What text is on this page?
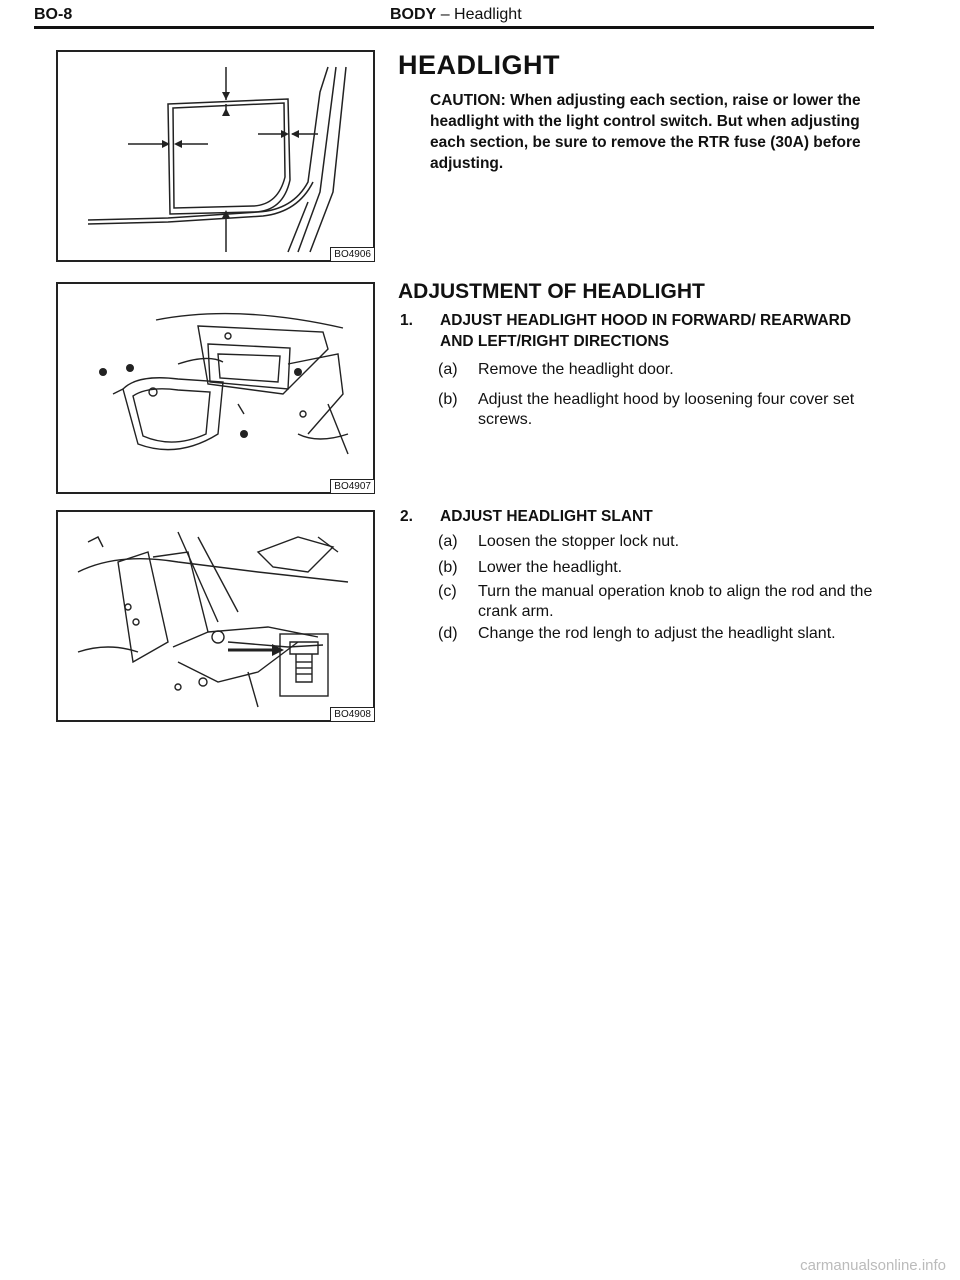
BO-8	BODY – Headlight
BO4906
BO4907
BO4908
HEADLIGHT
CAUTION: When adjusting each section, raise or lower the headlight with the light control switch. But when adjusting each section, be sure to remove the RTR fuse (30A) before adjusting.
ADJUSTMENT OF HEADLIGHT
1. ADJUST HEADLIGHT HOOD IN FORWARD/ REARWARD AND LEFT/RIGHT DIRECTIONS
(a) Remove the headlight door.
(b) Adjust the headlight hood by loosening four cover set screws.
2. ADJUST HEADLIGHT SLANT
(a) Loosen the stopper lock nut.
(b) Lower the headlight.
(c) Turn the manual operation knob to align the rod and the crank arm.
(d) Change the rod lengh to adjust the headlight slant.
carmanualsonline.info
